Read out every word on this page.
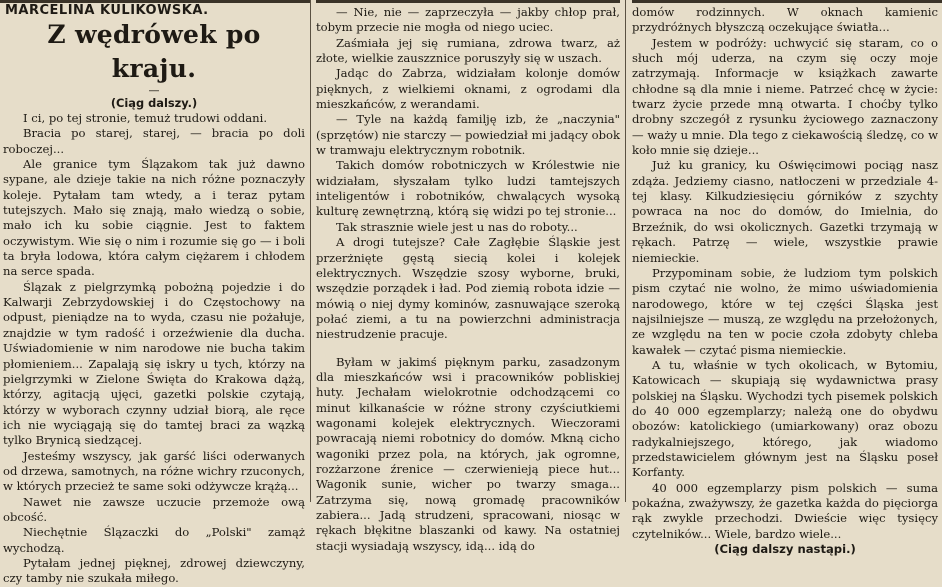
MARCELINA KULIKOWSKA.
Z wędrówek po kraju.
—
(Ciąg dalszy.)

I ci, po tej stronie, temuż trudowi oddani.

Bracia po starej, starej, — bracia po doli roboczej...

Ale granice tym Ślązakom tak już dawno sypane, ale dzieje takie na nich różne poznaczyły koleje. Pytałam tam wtedy, a i teraz pytam tutejszych. Mało się znają, mało wiedzą o sobie, mało ich ku sobie ciągnie. Jest to faktem oczywistym. Wie się o nim i rozumie się go — i boli ta bryła lodowa, która całym ciężarem i chłodem na serce spada.

Ślązak z pielgrzymką pobożną pojedzie i do Kalwarji Zebrzydowskiej i do Częstochowy na odpust, pieniądze na to wyda, czasu nie pożałuje, znajdzie w tym radość i orzeźwienie dla ducha. Uświadomienie w nim narodowe nie bucha takim płomieniem... Zapalają się iskry u tych, którzy na pielgrzymki w Zielone Święta do Krakowa dążą, którzy, agitacją ujęci, gazetki polskie czytają, którzy w wyborach czynny udział biorą, ale ręce ich nie wyciągają się do tamtej braci za wązką tylko Brynicą siedzącej.

Jesteśmy wszyscy, jak garść liści oderwanych od drzewa, samotnych, na różne wichry rzuconych, w których przecież te same soki odżywcze krążą...

Nawet nie zawsze uczucie przemoże ową obcość.

Niechętnie Ślązaczki do „Polski" zamąż wychodzą.

Pytałam jednej pięknej, zdrowej dziewczyny, czy tamby nie szukała miłego.

— Nie, nie — zaprzeczyła — jakby chłop prał, tobym przecie nie mogła od niego uciec.

Zaśmiała jej się rumiana, zdrowa twarz, aż złote, wielkie zauszznice poruszyły się w uszach.

Jadąc do Zabrza, widziałam kolonje domów pięknych, z wielkiemi oknami, z ogrodami dla mieszkańców, z werandami.

— Tyle na każdą familję izb, że „naczynia" (sprzętów) nie starczy — powiedział mi jadący obok w tramwaju elektrycznym robotnik.

Takich domów robotniczych w Królestwie nie widziałam, słyszałam tylko ludzi tamtejszych inteligentów i robotników, chwalących wysoką kulturę zewnętrzną, którą się widzi po tej stronie...

Tak strasznie wiele jest u nas do roboty...

A drogi tutejsze? Całe Zagłębie Śląskie jest przerżnięte gęstą siecią kolei i kolejek elektrycznych. Wszędzie szosy wyborne, bruki, wszędzie porządek i ład. Pod ziemią robota idzie — mówią o niej dymy kominów, zasnuwające szeroką połać ziemi, a tu na powierzchni administracja niestrudzenie pracuje.

Byłam w jakimś pięknym parku, zasadzonym dla mieszkańców wsi i pracowników pobliskiej huty. Jechałam wielokrotnie odchodzącemi co minut kilkanaście w różne strony czyściutkiemi wagonami kolejek elektrycznych. Wieczorami powracają niemi robotnicy do domów. Mkną cicho wagoniki przez pola, na których, jak ogromne, rozżarzone źrenice — czerwienieją piece hut... Wagonik sunie, wicher po twarzy smaga... Zatrzyma się, nową gromadę pracowników zabiera... Jadą strudzeni, spracowani, niosąc w rękach błękitne blaszanki od kawy. Na ostatniej stacji wysiadają wszyscy, idą... idą do

domów rodzinnych. W oknach kamienic przydróżnych błyszczą oczekujące światła...

Jestem w podróży: uchwycić się staram, co o słuch mój uderza, na czym się oczy moje zatrzymają. Informacje w książkach zawarte chłodne są dla mnie i nieme. Patrzeć chcę w życie: twarz życie przede mną otwarta. I choćby tylko drobny szczegół z rysunku życiowego zaznaczony — waży u mnie. Dla tego z ciekawością śledzę, co w koło mnie się dzieje...

Już ku granicy, ku Oświęcimowi pociąg nasz zdąża. Jedziemy ciasno, natłoczeni w przedziale 4-tej klasy. Kilkudziesięciu górników z szychty powraca na noc do domów, do Imielnia, do Brzeźnik, do wsi okolicznych. Gazetki trzymają w rękach. Patrzę — wiele, wszystkie prawie niemieckie.

Przypominam sobie, że ludziom tym polskich pism czytać nie wolno, że mimo uświadomienia narodowego, które w tej części Śląska jest najsilniejsze — muszą, ze względu na przełożonych, ze względu na ten w pocie czoła zdobyty chleba kawałek — czytać pisma niemieckie.

A tu, właśnie w tych okolicach, w Bytomiu, Katowicach — skupiają się wydawnictwa prasy polskiej na Śląsku. Wychodzi tych pisemek polskich do 40 000 egzemplarzy; należą one do obydwu obozów: katolickiego (umiarkowany) oraz obozu radykalniejszego, którego, jak wiadomo przedstawicielem głównym jest na Śląsku poseł Korfanty.

40 000 egzemplarzy pism polskich — suma pokaźna, zważywszy, że gazetka każda do pięciorga rąk zwykle przechodzi. Dwieście więc tysięcy czytelników... Wiele, bardzo wiele...

(Ciąg dalszy nastąpi.)
